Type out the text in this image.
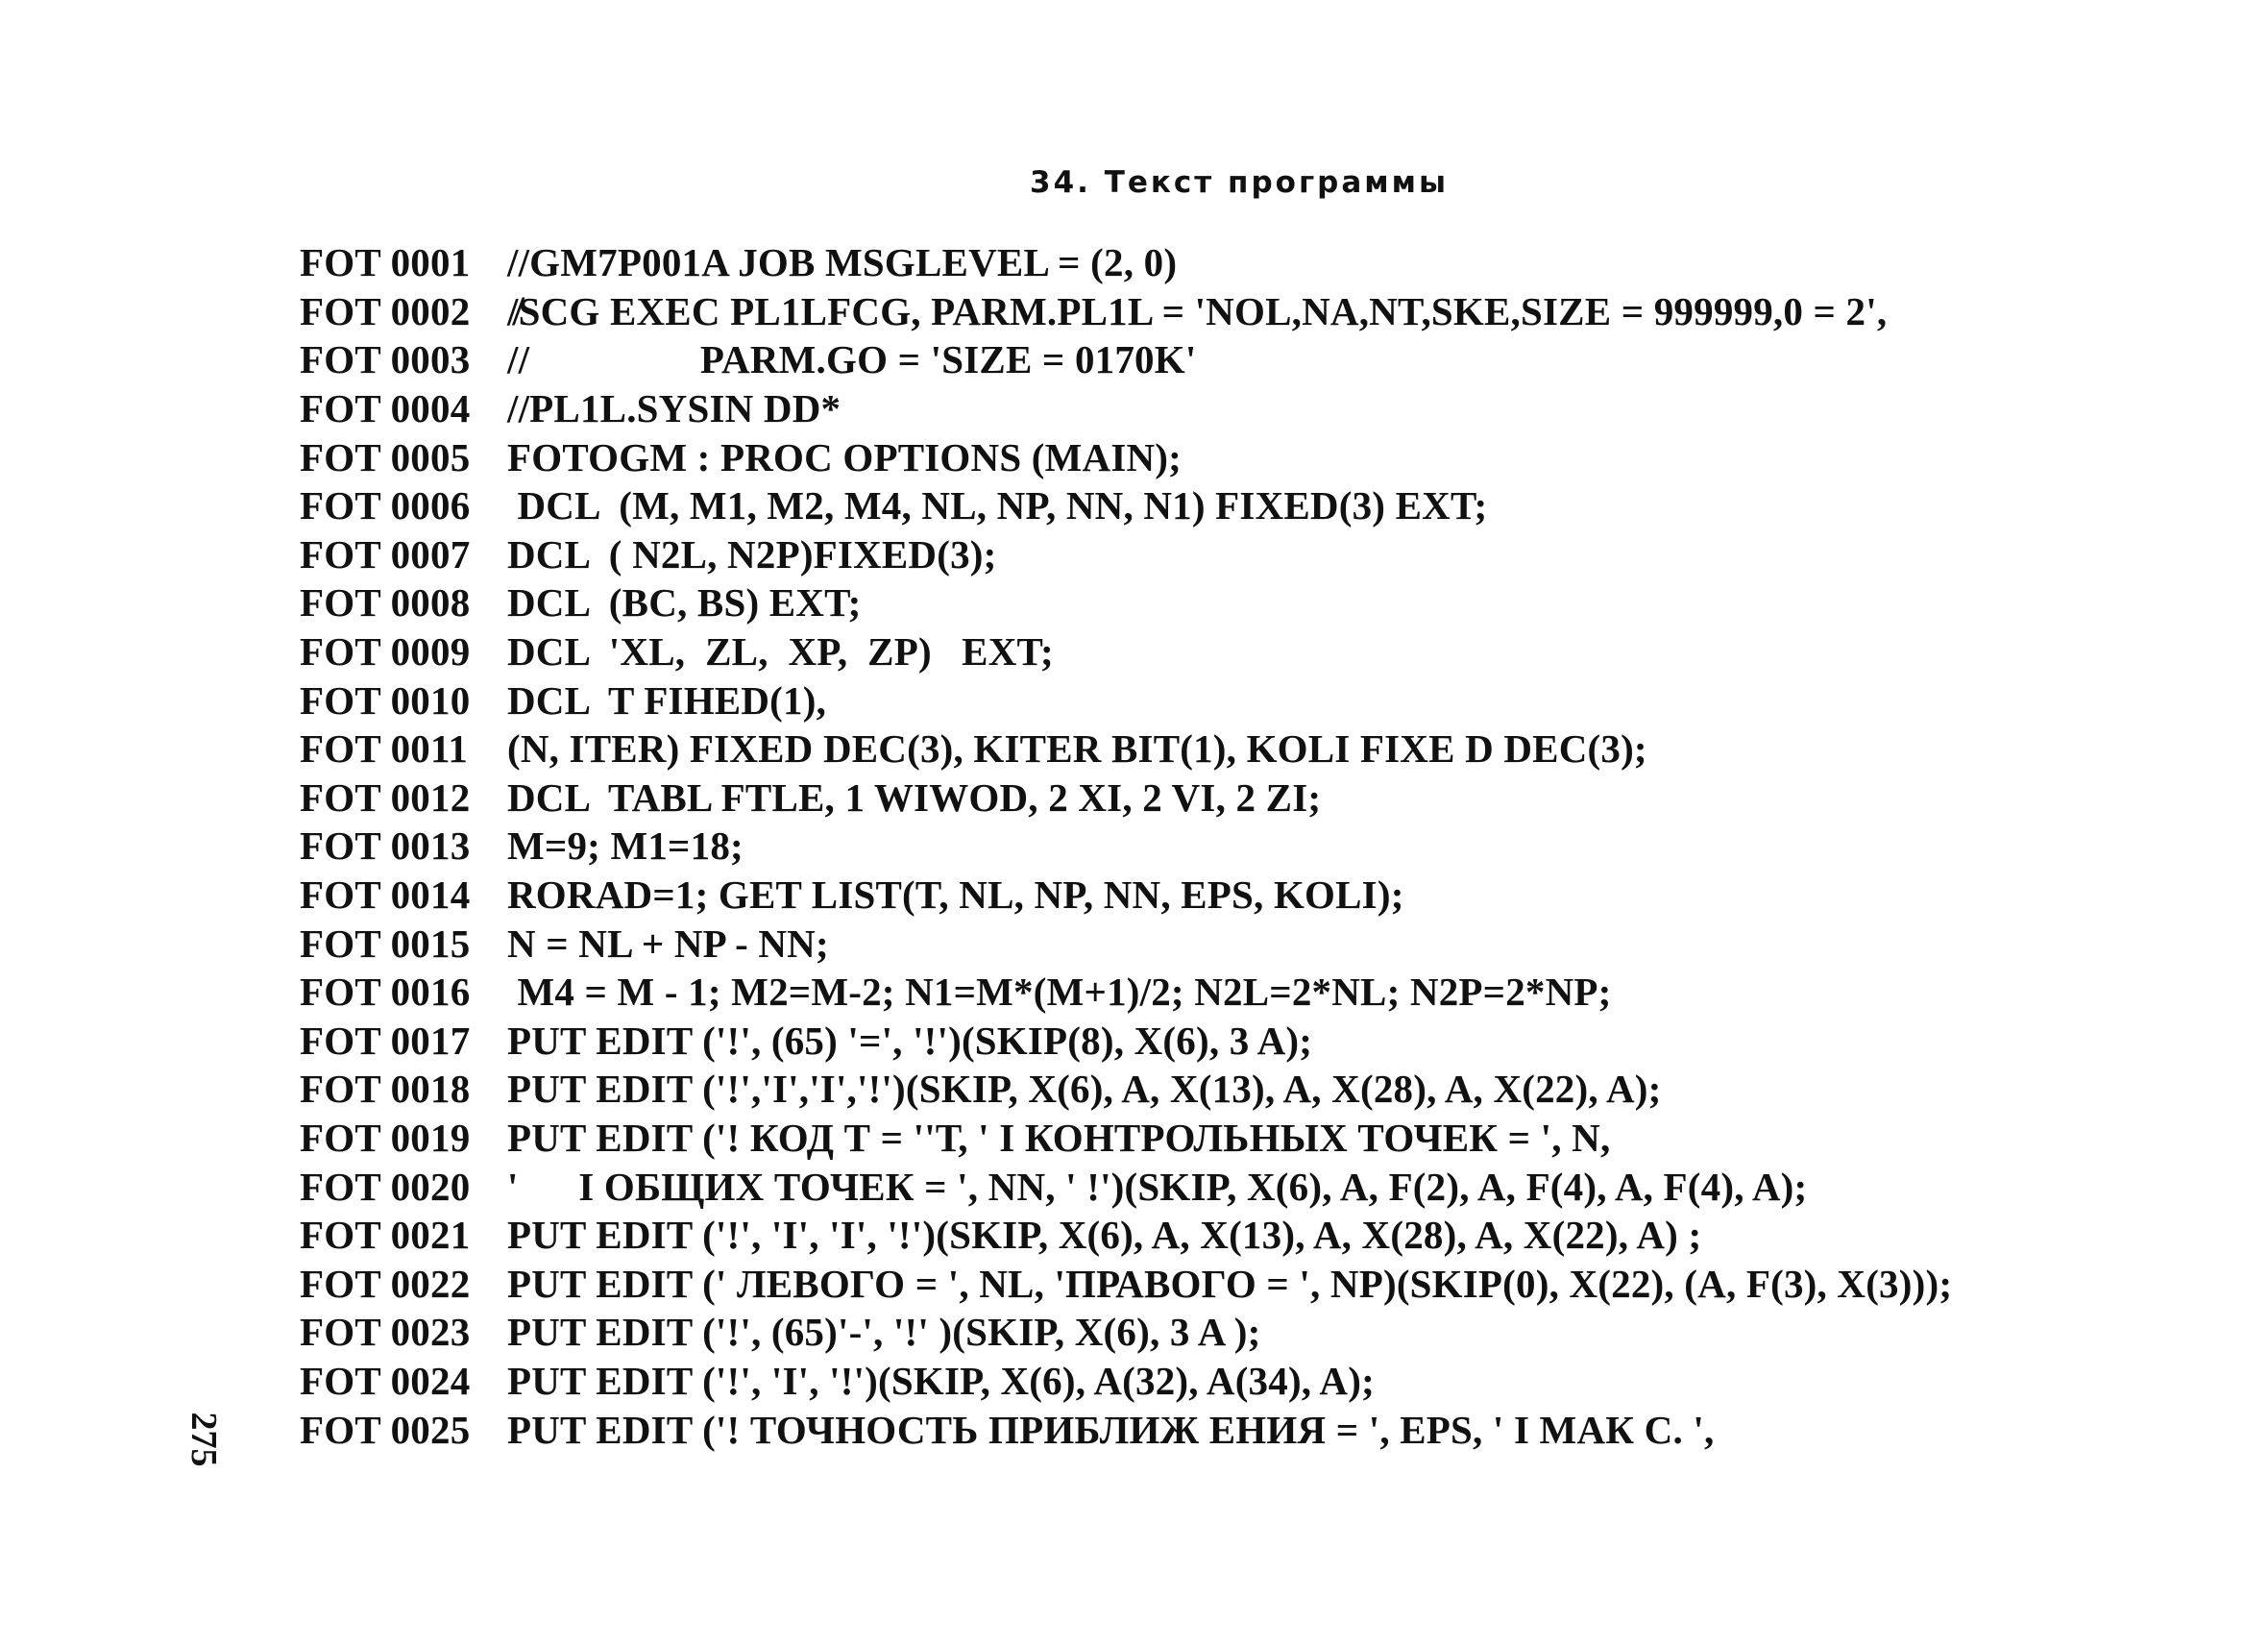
34. Текст программы
FOT 0001 //GM7P001A JOB MSGLEVEL = (2, 0)
FOT 0002 /̸SCG EXEC PL1LFCG, PARM.PL1L = 'NOL,NA,NT,SKE,SIZE = 999999,0 = 2',
FOT 0003 //                 PARM.GO = 'SIZE = 0170K'
FOT 0004 //PL1L.SYSIN DD*
FOT 0005 FOTOGM : PROC OPTIONS (MAIN);
FOT 0006 DCL  (M, M1, M2, M4, NL, NP, NN, N1) FIXED(3) EXT;
FOT 0007 DCL  ( N2L, N2P)FIXED(3);
FOT 0008 DCL  (BC, BS) EXT;
FOT 0009 DCL  'XL,  ZL,  XP,  ZP)   EXT;
FOT 0010 DCL  T FIHED(1),
FOT 0011 (N, ITER) FIXED DEC(3), KITER BIT(1), KOLI FIXE D DEC(3);
FOT 0012 DCL  TABL FTLE, 1 WIWOD, 2 XI, 2 VI, 2 ZI;
FOT 0013 M=9; M1=18;
FOT 0014 RORAD=1; GET LIST(T, NL, NP, NN, EPS, KOLI);
FOT 0015 N = NL + NP - NN;
FOT 0016 M4 = M - 1; M2=M-2; N1=M*(M+1)/2; N2L=2*NL; N2P=2*NP;
FOT 0017 PUT EDIT ('!', (65) '=', '!')(SKIP(8), X(6), 3 A);
FOT 0018 PUT EDIT ('!','I','I','!')(SKIP, X(6), A, X(13), A, X(28), A, X(22), A);
FOT 0019 PUT EDIT ('! КОД Т = ''Т, ' I КОНТРОЛЬНЫХ ТОЧЕК = ', N,
FOT 0020 '      I ОБЩИХ ТОЧЕК = ', NN, ' !')(SKIP, X(6), A, F(2), A, F(4), A, F(4), A);
FOT 0021 PUT EDIT ('!', 'I', 'I', '!')(SKIP, X(6), A, X(13), A, X(28), A, X(22), A) ;
FOT 0022 PUT EDIT (' ЛЕВОГО = ', NL, 'ПРАВОГО = ', NP)(SKIP(0), X(22), (A, F(3), X(3)));
FOT 0023 PUT EDIT ('!', (65)'-', '!' )(SKIP, X(6), 3 A );
FOT 0024 PUT EDIT ('!', 'I', '!')(SKIP, X(6), A(32), A(34), A);
FOT 0025 PUT EDIT ('! ТОЧНОСТЬ ПРИБЛИЖ ЕНИЯ = ', EPS, ' I МАК С. ',
275
